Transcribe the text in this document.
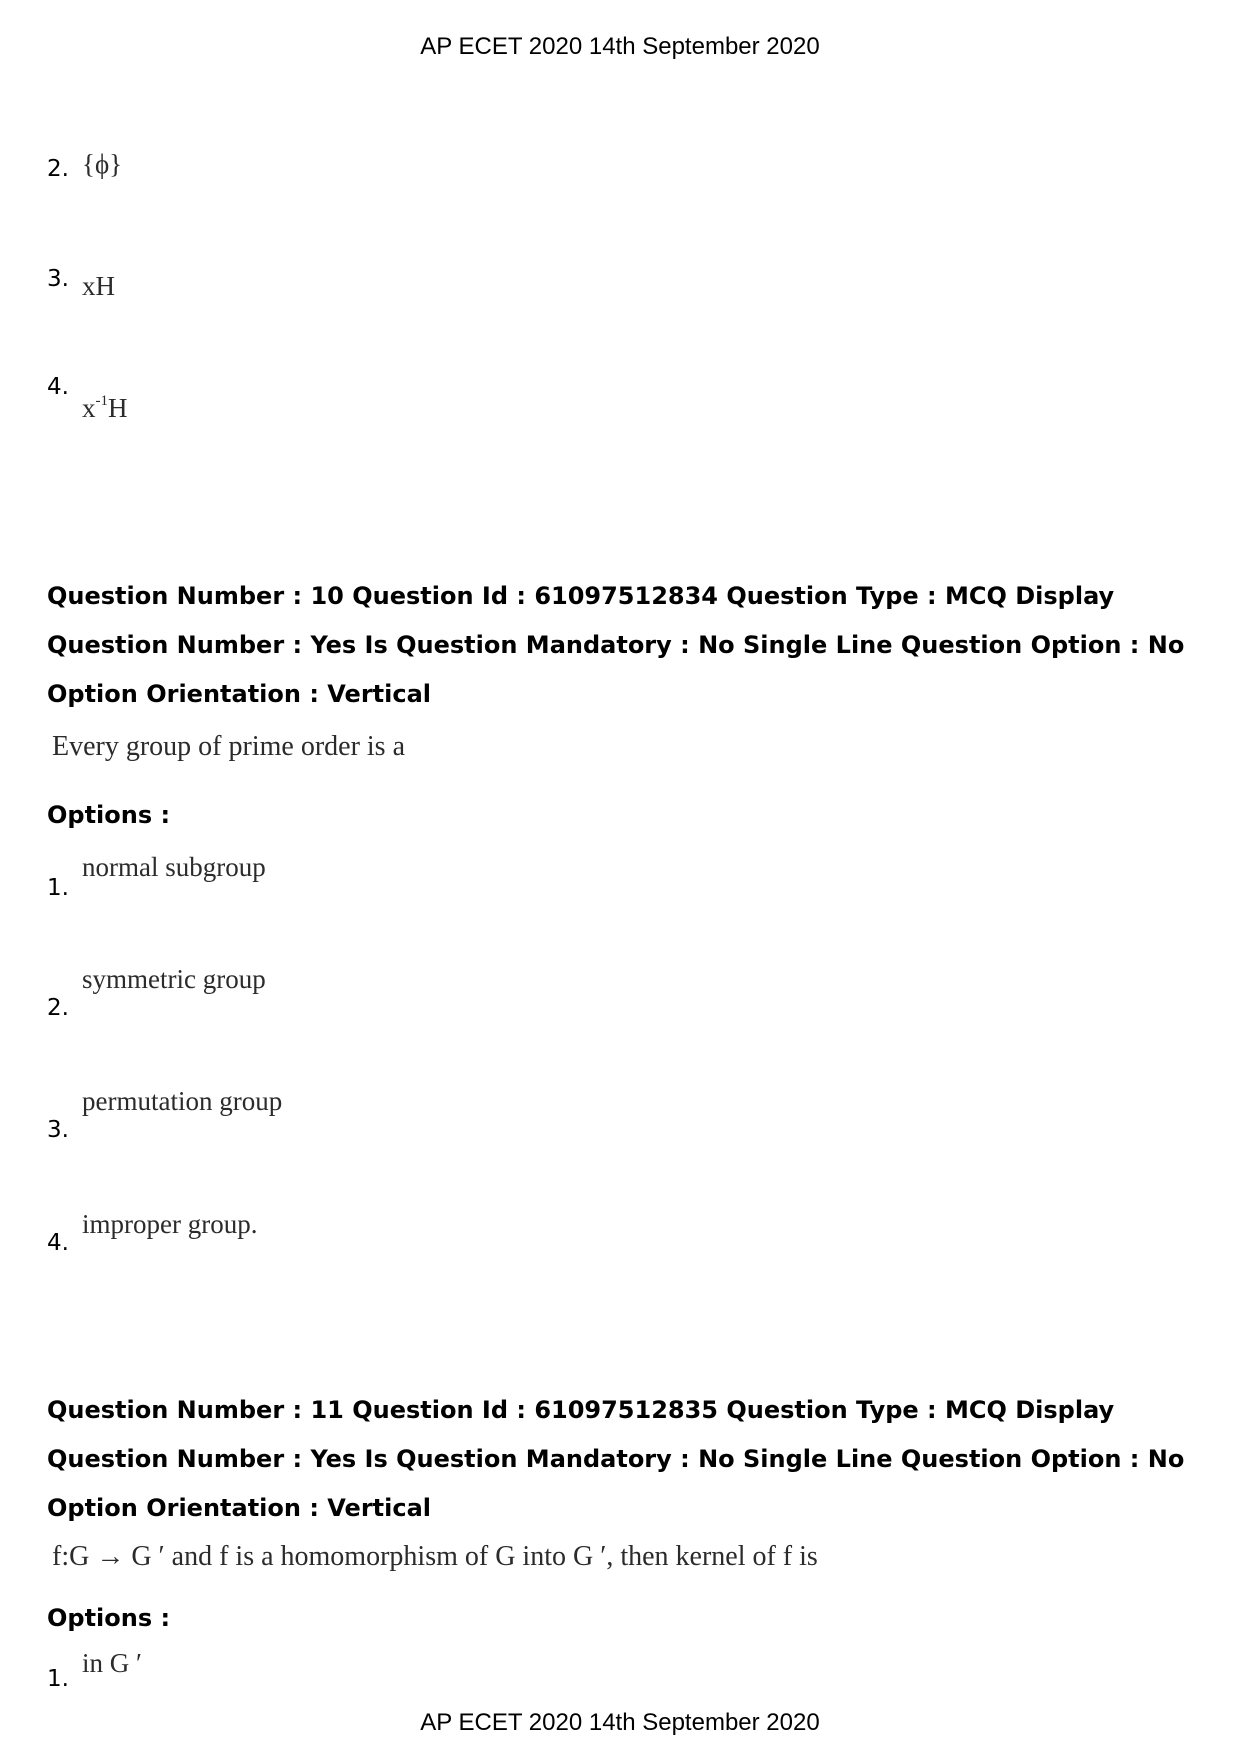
AP ECET 2020 14th September 2020
2. {ϕ}
3. xH
4.
$x^{-1}H$

Question Number : 10 Question Id : 61097512834 Question Type : MCQ Display Question Number : Yes Is Question Mandatory : No Single Line Question Option : No Option Orientation : Vertical

Every group of prime order is a
Options :
1.
normal subgroup
2.
symmetric group
3.
permutation group
4.
improper group.

Question Number : 11 Question Id : 61097512835 Question Type : MCQ Display Question Number : Yes Is Question Mandatory : No Single Line Question Option : No Option Orientation : Vertical

f:G → G ′ and f is a homomorphism of G into G ′, then kernel of f is
Options :
1.
in G ′
AP ECET 2020 14th September 2020
